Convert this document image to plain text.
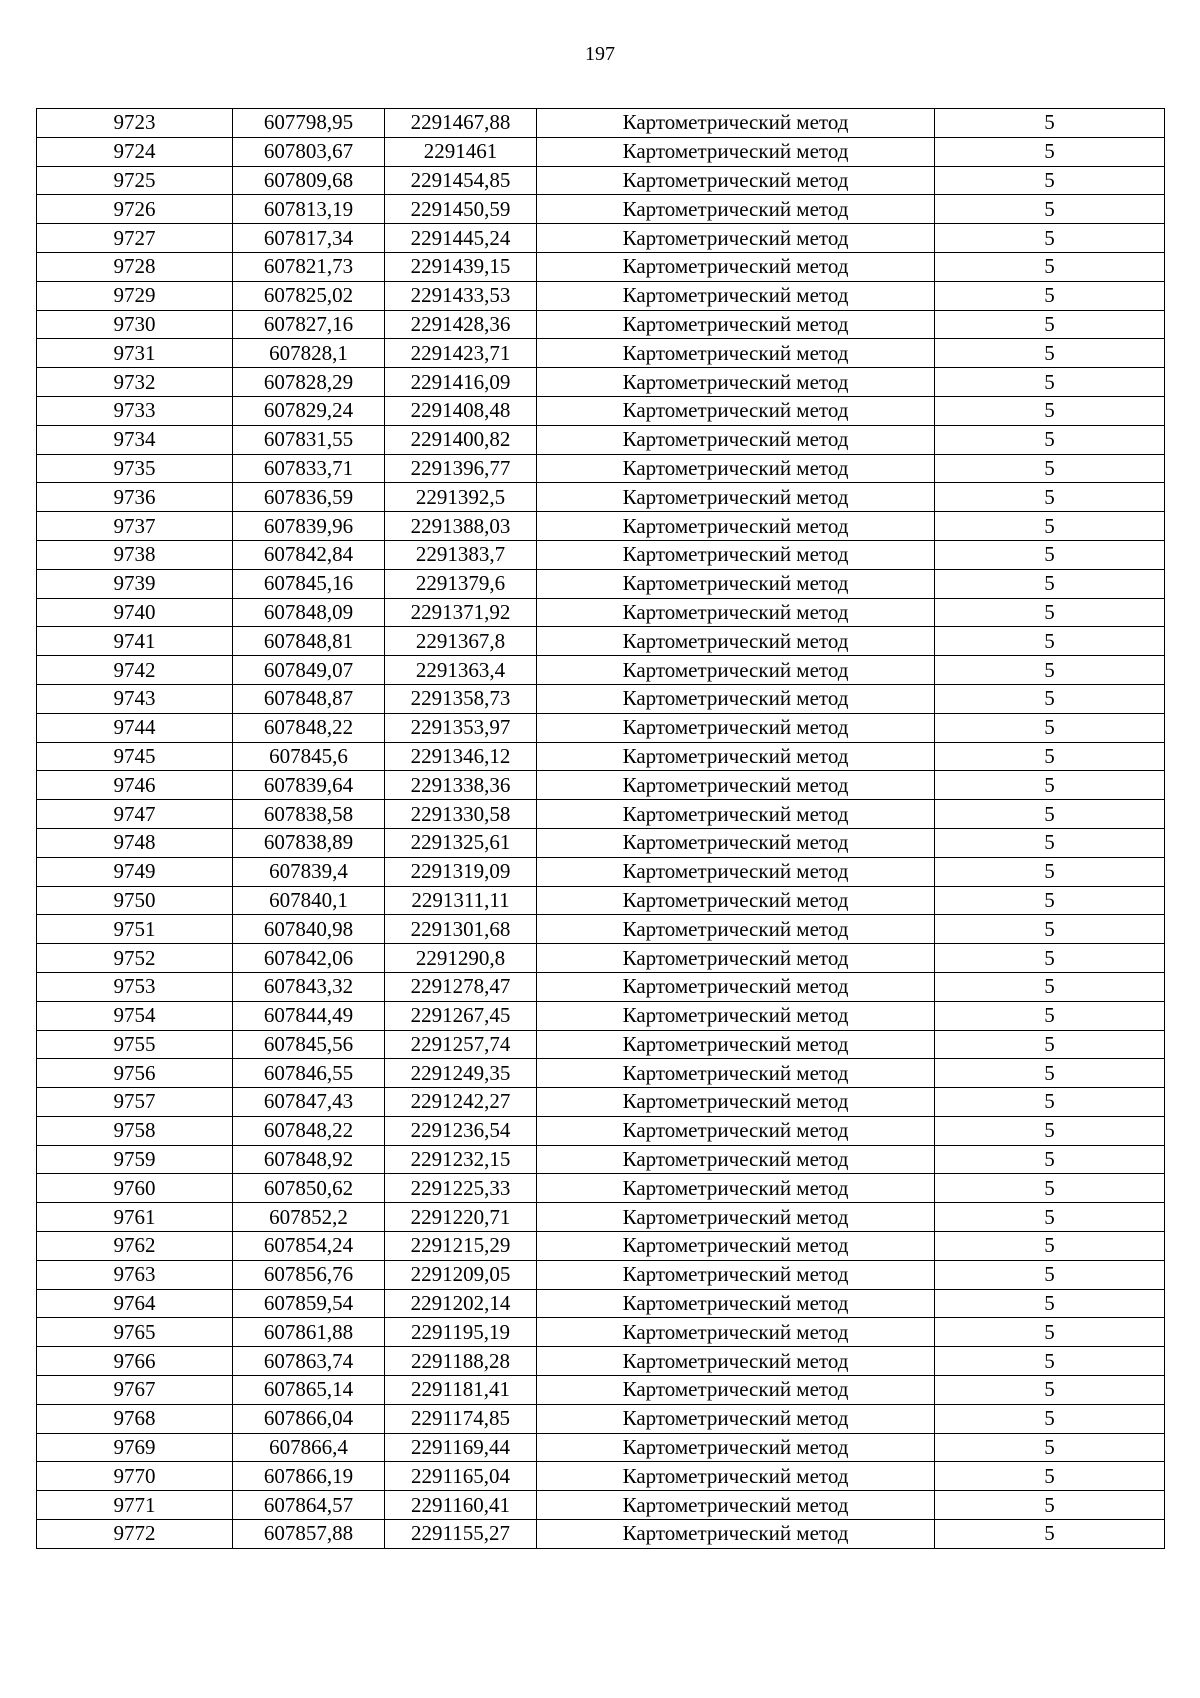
197
9723	607798,95	2291467,88	Картометрический метод	5
9724	607803,67	2291461	Картометрический метод	5
9725	607809,68	2291454,85	Картометрический метод	5
9726	607813,19	2291450,59	Картометрический метод	5
9727	607817,34	2291445,24	Картометрический метод	5
9728	607821,73	2291439,15	Картометрический метод	5
9729	607825,02	2291433,53	Картометрический метод	5
9730	607827,16	2291428,36	Картометрический метод	5
9731	607828,1	2291423,71	Картометрический метод	5
9732	607828,29	2291416,09	Картометрический метод	5
9733	607829,24	2291408,48	Картометрический метод	5
9734	607831,55	2291400,82	Картометрический метод	5
9735	607833,71	2291396,77	Картометрический метод	5
9736	607836,59	2291392,5	Картометрический метод	5
9737	607839,96	2291388,03	Картометрический метод	5
9738	607842,84	2291383,7	Картометрический метод	5
9739	607845,16	2291379,6	Картометрический метод	5
9740	607848,09	2291371,92	Картометрический метод	5
9741	607848,81	2291367,8	Картометрический метод	5
9742	607849,07	2291363,4	Картометрический метод	5
9743	607848,87	2291358,73	Картометрический метод	5
9744	607848,22	2291353,97	Картометрический метод	5
9745	607845,6	2291346,12	Картометрический метод	5
9746	607839,64	2291338,36	Картометрический метод	5
9747	607838,58	2291330,58	Картометрический метод	5
9748	607838,89	2291325,61	Картометрический метод	5
9749	607839,4	2291319,09	Картометрический метод	5
9750	607840,1	2291311,11	Картометрический метод	5
9751	607840,98	2291301,68	Картометрический метод	5
9752	607842,06	2291290,8	Картометрический метод	5
9753	607843,32	2291278,47	Картометрический метод	5
9754	607844,49	2291267,45	Картометрический метод	5
9755	607845,56	2291257,74	Картометрический метод	5
9756	607846,55	2291249,35	Картометрический метод	5
9757	607847,43	2291242,27	Картометрический метод	5
9758	607848,22	2291236,54	Картометрический метод	5
9759	607848,92	2291232,15	Картометрический метод	5
9760	607850,62	2291225,33	Картометрический метод	5
9761	607852,2	2291220,71	Картометрический метод	5
9762	607854,24	2291215,29	Картометрический метод	5
9763	607856,76	2291209,05	Картометрический метод	5
9764	607859,54	2291202,14	Картометрический метод	5
9765	607861,88	2291195,19	Картометрический метод	5
9766	607863,74	2291188,28	Картометрический метод	5
9767	607865,14	2291181,41	Картометрический метод	5
9768	607866,04	2291174,85	Картометрический метод	5
9769	607866,4	2291169,44	Картометрический метод	5
9770	607866,19	2291165,04	Картометрический метод	5
9771	607864,57	2291160,41	Картометрический метод	5
9772	607857,88	2291155,27	Картометрический метод	5
